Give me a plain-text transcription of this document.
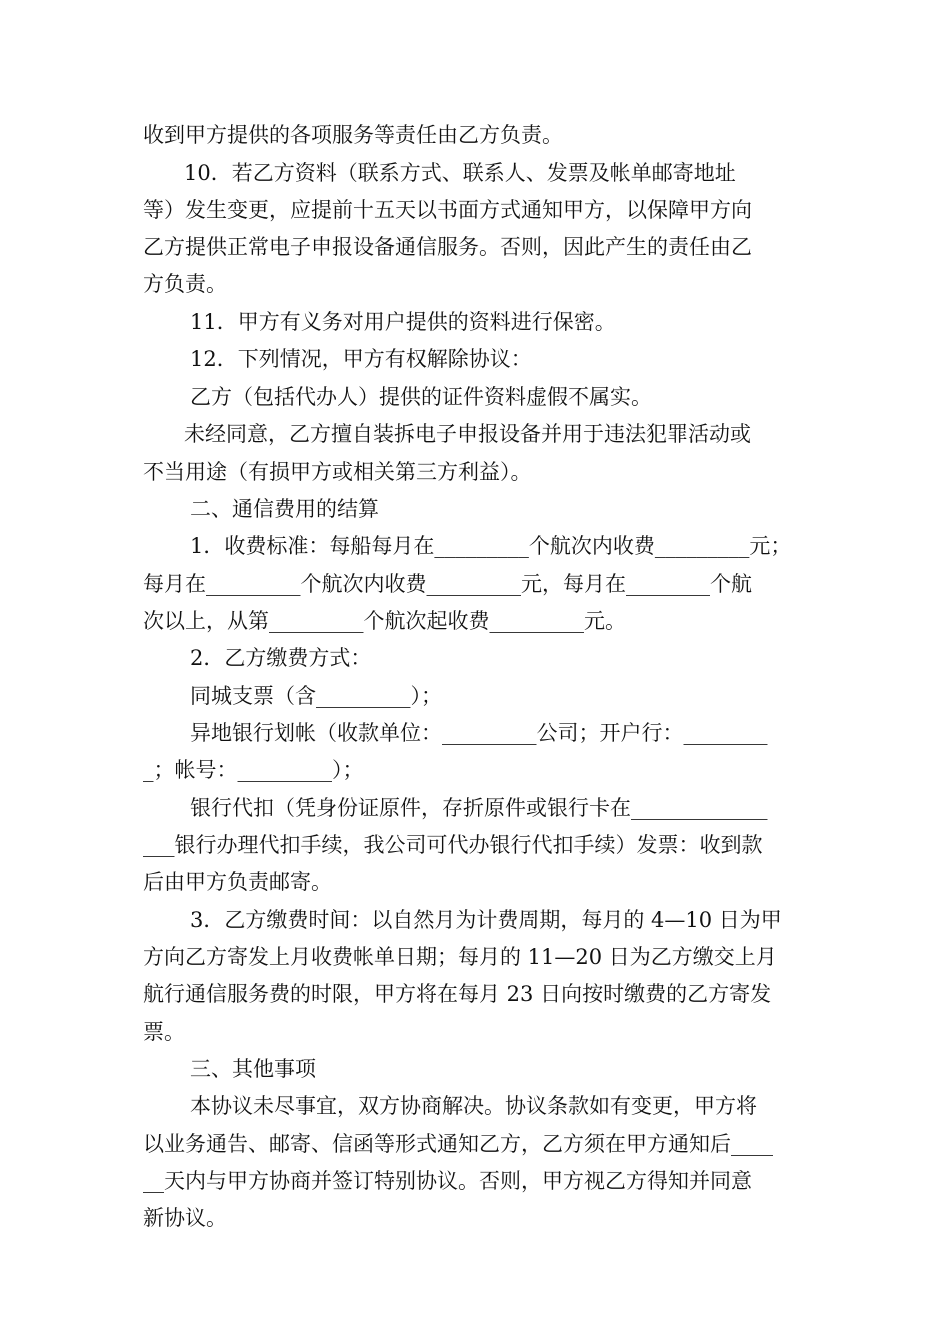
收到甲方提供的各项服务等责任由乙方负责。
10．若乙方资料（联系方式、联系人、发票及帐单邮寄地址
等）发生变更，应提前十五天以书面方式通知甲方，以保障甲方向
乙方提供正常电子申报设备通信服务。否则，因此产生的责任由乙
方负责。
11．甲方有义务对用户提供的资料进行保密。
12．下列情况，甲方有权解除协议：
乙方（包括代办人）提供的证件资料虚假不属实。
未经同意，乙方擅自装拆电子申报设备并用于违法犯罪活动或
不当用途（有损甲方或相关第三方利益）。
二、通信费用的结算
1．收费标准：每船每月在_________个航次内收费_________元；
每月在_________个航次内收费_________元，每月在________个航
次以上，从第_________个航次起收费_________元。
2．乙方缴费方式：
同城支票（含_________）；
异地银行划帐（收款单位：_________公司；开户行：________
_；帐号：_________）；
银行代扣（凭身份证原件，存折原件或银行卡在_____________
___银行办理代扣手续，我公司可代办银行代扣手续）发票：收到款
后由甲方负责邮寄。
3．乙方缴费时间：以自然月为计费周期，每月的 4—10 日为甲
方向乙方寄发上月收费帐单日期；每月的 11—20 日为乙方缴交上月
航行通信服务费的时限，甲方将在每月 23 日向按时缴费的乙方寄发
票。
三、其他事项
本协议未尽事宜，双方协商解决。协议条款如有变更，甲方将
以业务通告、邮寄、信函等形式通知乙方，乙方须在甲方通知后____
__天内与甲方协商并签订特别协议。否则，甲方视乙方得知并同意
新协议。
